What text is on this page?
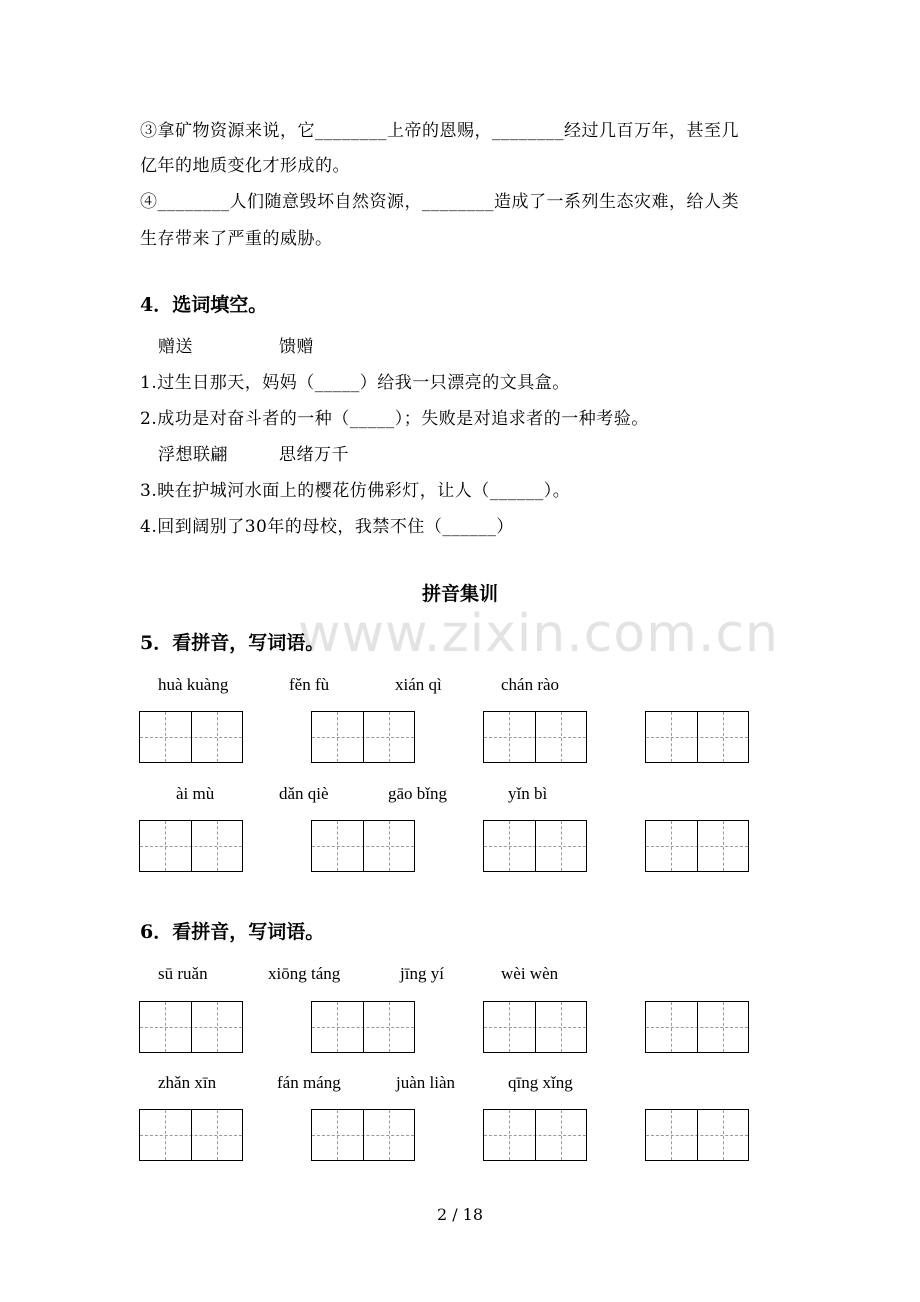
www.zixin.com.cn
③拿矿物资源来说，它________上帝的恩赐，________经过几百万年，甚至几
亿年的地质变化才形成的。
④________人们随意毁坏自然资源，________造成了一系列生态灾难，给人类
生存带来了严重的威胁。
4．选词填空。
赠送	馈赠
1.过生日那天，妈妈（_____）给我一只漂亮的文具盒。
2.成功是对奋斗者的一种（_____）；失败是对追求者的一种考验。
浮想联翩	思绪万千
3.映在护城河水面上的樱花仿佛彩灯，让人（______）。
4.回到阔别了30年的母校，我禁不住（______）
拼音集训
5．看拼音，写词语。
huà kuàng	fěn fù	xián qì	chán rào
ài mù	dǎn qiè	gāo bǐng	yǐn bì
6．看拼音，写词语。
sū ruǎn	xiōng táng	jīng yí	wèi wèn
zhǎn xīn	fán máng	juàn liàn	qīng xǐng
2 / 18
